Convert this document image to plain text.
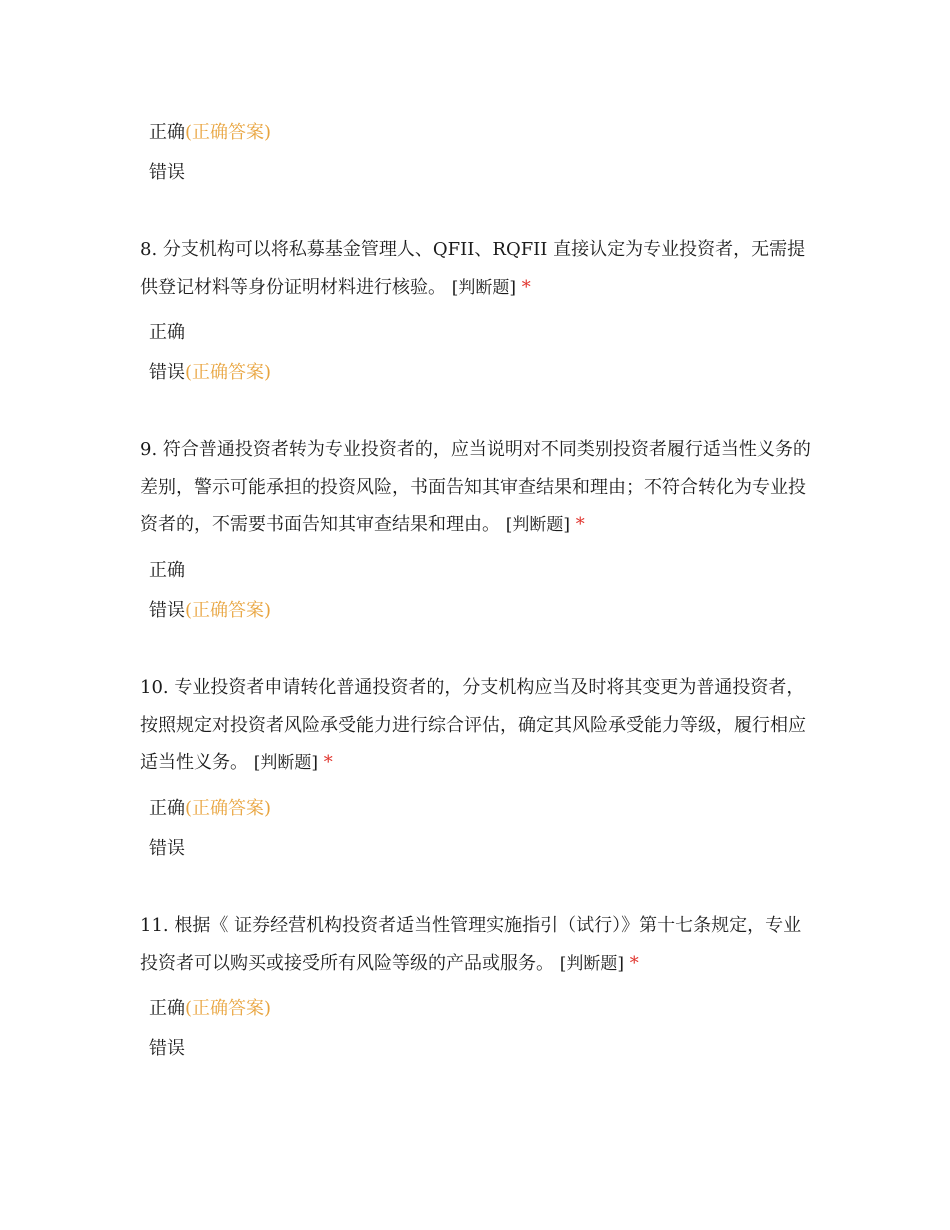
正确(正确答案)
错误
8. 分支机构可以将私募基金管理人、QFII、RQFII 直接认定为专业投资者，无需提供登记材料等身份证明材料进行核验。 [判断题] *
正确
错误(正确答案)
9. 符合普通投资者转为专业投资者的，应当说明对不同类别投资者履行适当性义务的差别，警示可能承担的投资风险，书面告知其审查结果和理由；不符合转化为专业投资者的，不需要书面告知其审查结果和理由。 [判断题] *
正确
错误(正确答案)
10. 专业投资者申请转化普通投资者的，分支机构应当及时将其变更为普通投资者，按照规定对投资者风险承受能力进行综合评估，确定其风险承受能力等级，履行相应适当性义务。 [判断题] *
正确(正确答案)
错误
11. 根据《 证券经营机构投资者适当性管理实施指引（试行）》第十七条规定，专业投资者可以购买或接受所有风险等级的产品或服务。 [判断题] *
正确(正确答案)
错误
